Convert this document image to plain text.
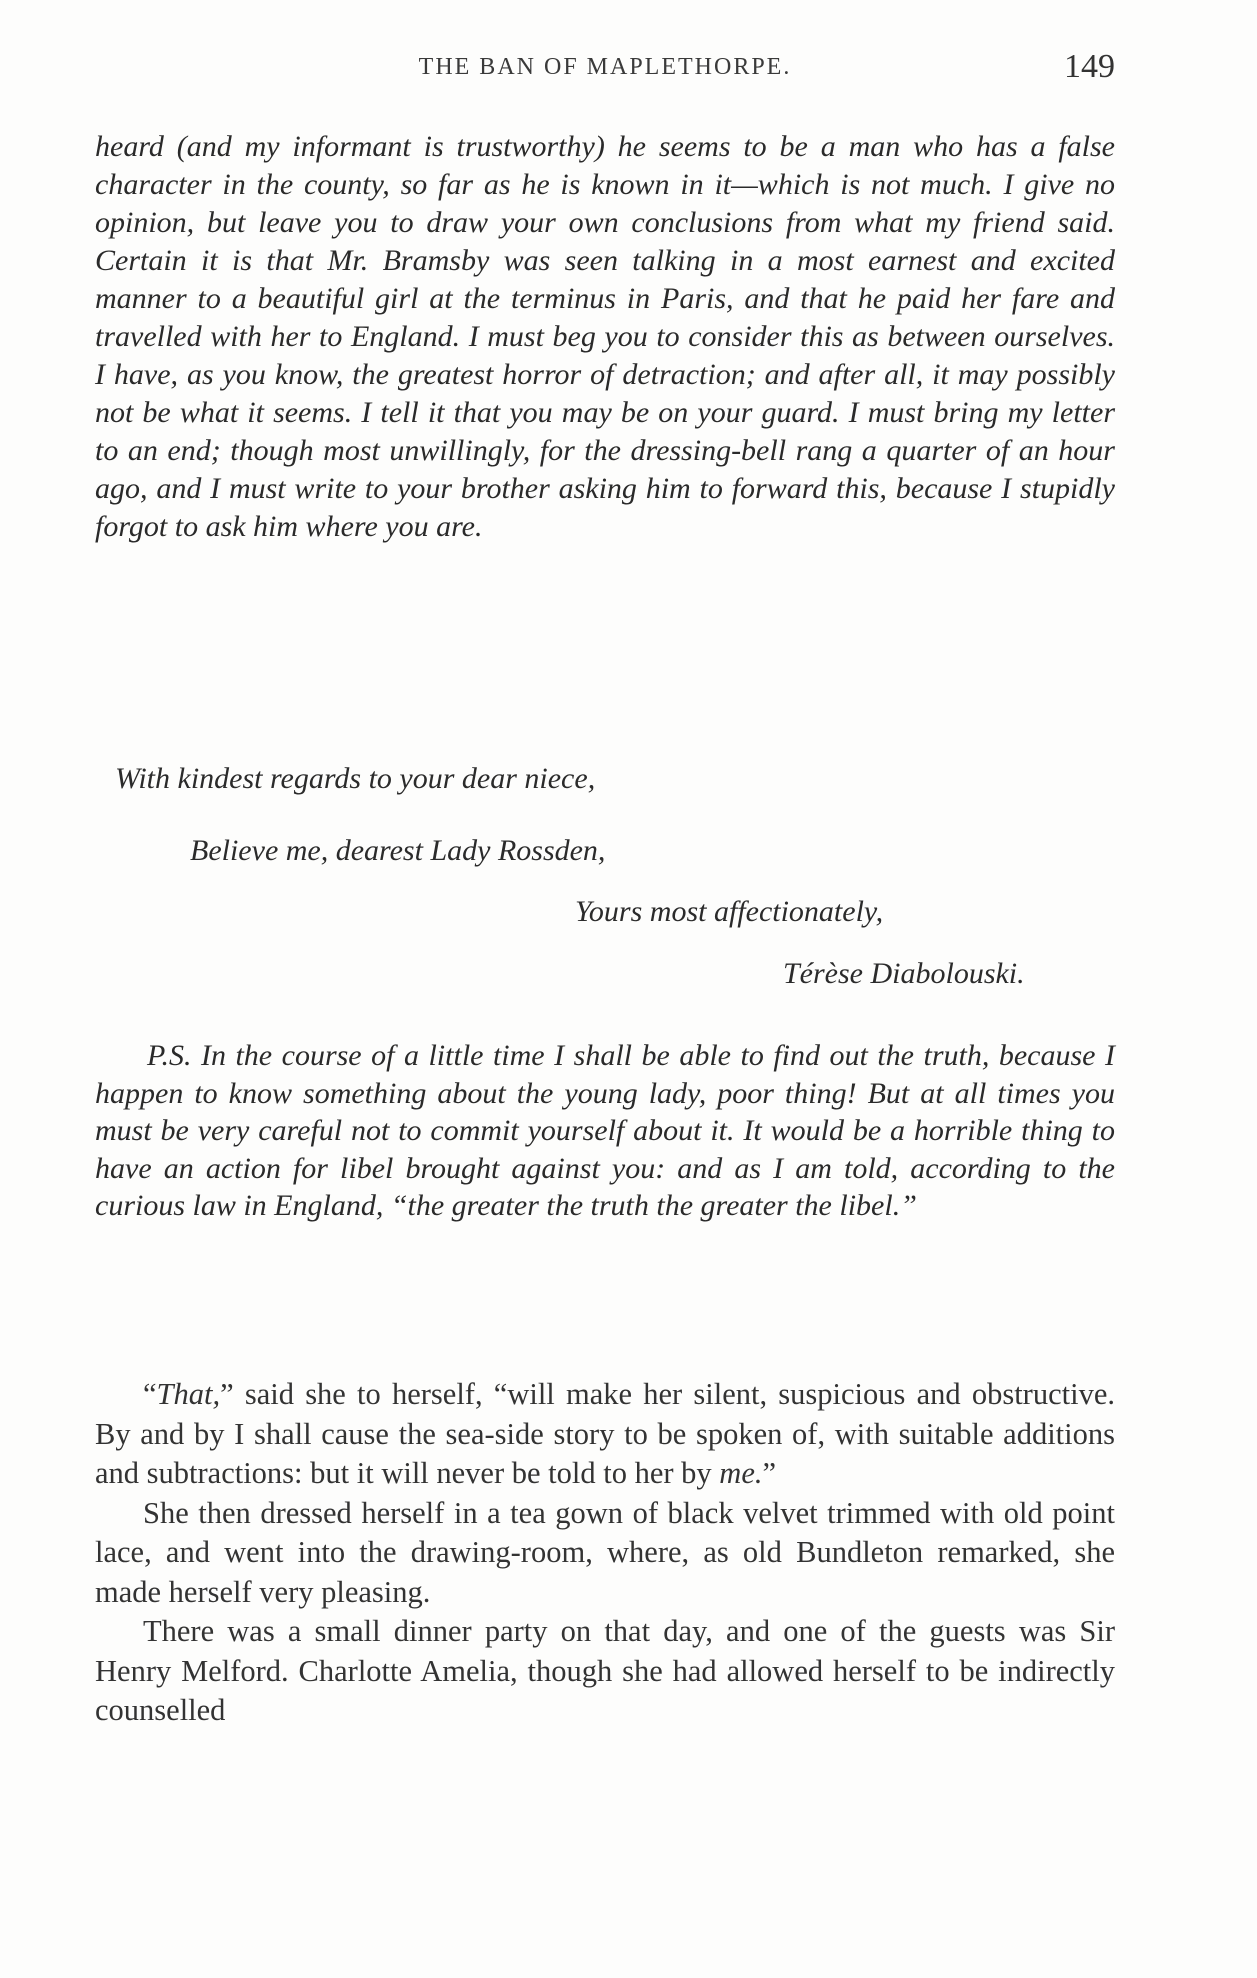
THE BAN OF MAPLETHORPE.	149

heard (and my informant is trustworthy) he seems to be a man who has a false character in the county, so far as he is known in it—which is not much. I give no opinion, but leave you to draw your own conclusions from what my friend said. Certain it is that Mr. Bramsby was seen talking in a most earnest and excited manner to a beautiful girl at the terminus in Paris, and that he paid her fare and travelled with her to England. I must beg you to consider this as between ourselves. I have, as you know, the greatest horror of detraction; and after all, it may possibly not be what it seems. I tell it that you may be on your guard. I must bring my letter to an end; though most unwillingly, for the dressing-bell rang a quarter of an hour ago, and I must write to your brother asking him to forward this, because I stupidly forgot to ask him where you are.

With kindest regards to your dear niece,
Believe me, dearest Lady Rossden,
Yours most affectionately,
Térèse Diabolouski.

P.S. In the course of a little time I shall be able to find out the truth, because I happen to know something about the young lady, poor thing! But at all times you must be very careful not to commit yourself about it. It would be a horrible thing to have an action for libel brought against you: and as I am told, according to the curious law in England, “the greater the truth the greater the libel.”

“That,” said she to herself, “will make her silent, suspicious and obstructive. By and by I shall cause the sea-side story to be spoken of, with suitable additions and subtractions: but it will never be told to her by me.”

She then dressed herself in a tea gown of black velvet trimmed with old point lace, and went into the drawing-room, where, as old Bundleton remarked, she made herself very pleasing.

There was a small dinner party on that day, and one of the guests was Sir Henry Melford. Charlotte Amelia, though she had allowed herself to be indirectly counselled
